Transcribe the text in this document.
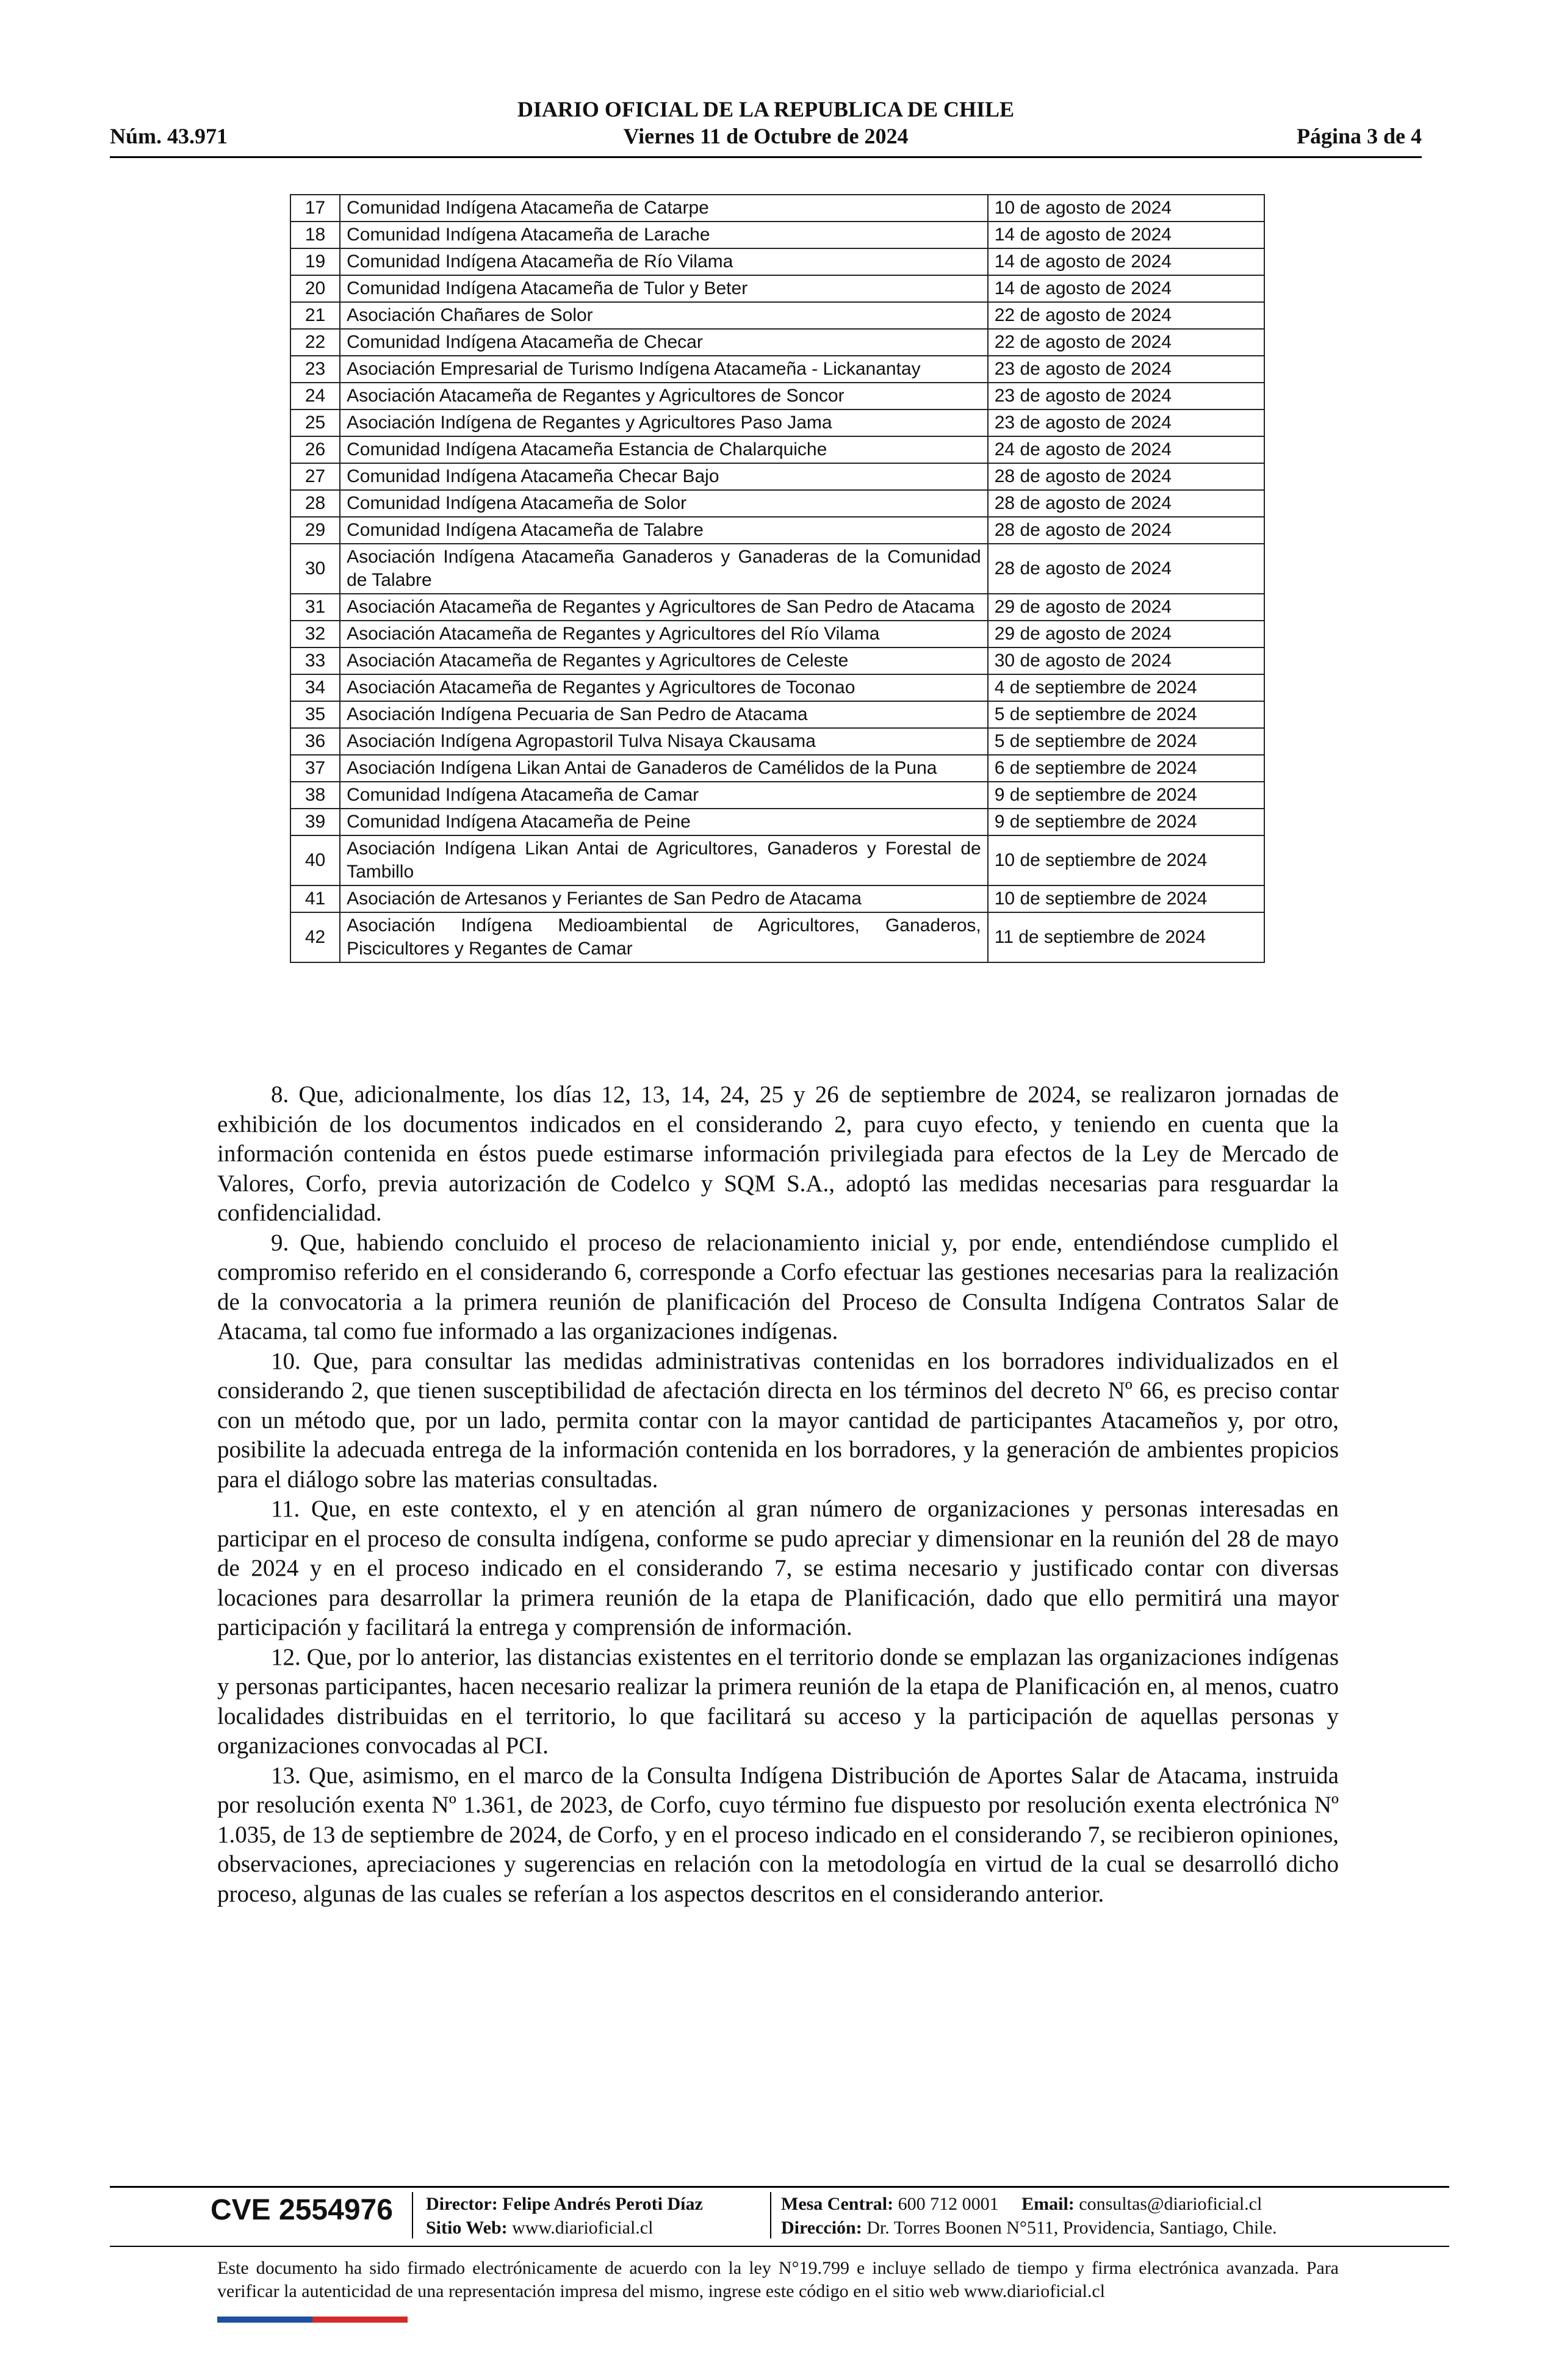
DIARIO OFICIAL DE LA REPUBLICA DE CHILE
Núm. 43.971	Viernes 11 de Octubre de 2024	Página 3 de 4
17	Comunidad Indígena Atacameña de Catarpe	10 de agosto de 2024
18	Comunidad Indígena Atacameña de Larache	14 de agosto de 2024
19	Comunidad Indígena Atacameña de Río Vilama	14 de agosto de 2024
20	Comunidad Indígena Atacameña de Tulor y Beter	14 de agosto de 2024
21	Asociación Chañares de Solor	22 de agosto de 2024
22	Comunidad Indígena Atacameña de Checar	22 de agosto de 2024
23	Asociación Empresarial de Turismo Indígena Atacameña - Lickanantay	23 de agosto de 2024
24	Asociación Atacameña de Regantes y Agricultores de Soncor	23 de agosto de 2024
25	Asociación Indígena de Regantes y Agricultores Paso Jama	23 de agosto de 2024
26	Comunidad Indígena Atacameña Estancia de Chalarquiche	24 de agosto de 2024
27	Comunidad Indígena Atacameña Checar Bajo	28 de agosto de 2024
28	Comunidad Indígena Atacameña de Solor	28 de agosto de 2024
29	Comunidad Indígena Atacameña de Talabre	28 de agosto de 2024
30	Asociación Indígena Atacameña Ganaderos y Ganaderas de la Comunidad de Talabre	28 de agosto de 2024
31	Asociación Atacameña de Regantes y Agricultores de San Pedro de Atacama	29 de agosto de 2024
32	Asociación Atacameña de Regantes y Agricultores del Río Vilama	29 de agosto de 2024
33	Asociación Atacameña de Regantes y Agricultores de Celeste	30 de agosto de 2024
34	Asociación Atacameña de Regantes y Agricultores de Toconao	4 de septiembre de 2024
35	Asociación Indígena Pecuaria de San Pedro de Atacama	5 de septiembre de 2024
36	Asociación Indígena Agropastoril Tulva Nisaya Ckausama	5 de septiembre de 2024
37	Asociación Indígena Likan Antai de Ganaderos de Camélidos de la Puna	6 de septiembre de 2024
38	Comunidad Indígena Atacameña de Camar	9 de septiembre de 2024
39	Comunidad Indígena Atacameña de Peine	9 de septiembre de 2024
40	Asociación Indígena Likan Antai de Agricultores, Ganaderos y Forestal de Tambillo	10 de septiembre de 2024
41	Asociación de Artesanos y Feriantes de San Pedro de Atacama	10 de septiembre de 2024
42	Asociación Indígena Medioambiental de Agricultores, Ganaderos, Piscicultores y Regantes de Camar	11 de septiembre de 2024

8. Que, adicionalmente, los días 12, 13, 14, 24, 25 y 26 de septiembre de 2024, se realizaron jornadas de exhibición de los documentos indicados en el considerando 2, para cuyo efecto, y teniendo en cuenta que la información contenida en éstos puede estimarse información privilegiada para efectos de la Ley de Mercado de Valores, Corfo, previa autorización de Codelco y SQM S.A., adoptó las medidas necesarias para resguardar la confidencialidad.

9. Que, habiendo concluido el proceso de relacionamiento inicial y, por ende, entendiéndose cumplido el compromiso referido en el considerando 6, corresponde a Corfo efectuar las gestiones necesarias para la realización de la convocatoria a la primera reunión de planificación del Proceso de Consulta Indígena Contratos Salar de Atacama, tal como fue informado a las organizaciones indígenas.

10. Que, para consultar las medidas administrativas contenidas en los borradores individualizados en el considerando 2, que tienen susceptibilidad de afectación directa en los términos del decreto Nº 66, es preciso contar con un método que, por un lado, permita contar con la mayor cantidad de participantes Atacameños y, por otro, posibilite la adecuada entrega de la información contenida en los borradores, y la generación de ambientes propicios para el diálogo sobre las materias consultadas.

11. Que, en este contexto, el y en atención al gran número de organizaciones y personas interesadas en participar en el proceso de consulta indígena, conforme se pudo apreciar y dimensionar en la reunión del 28 de mayo de 2024 y en el proceso indicado en el considerando 7, se estima necesario y justificado contar con diversas locaciones para desarrollar la primera reunión de la etapa de Planificación, dado que ello permitirá una mayor participación y facilitará la entrega y comprensión de información.

12. Que, por lo anterior, las distancias existentes en el territorio donde se emplazan las organizaciones indígenas y personas participantes, hacen necesario realizar la primera reunión de la etapa de Planificación en, al menos, cuatro localidades distribuidas en el territorio, lo que facilitará su acceso y la participación de aquellas personas y organizaciones convocadas al PCI.

13. Que, asimismo, en el marco de la Consulta Indígena Distribución de Aportes Salar de Atacama, instruida por resolución exenta Nº 1.361, de 2023, de Corfo, cuyo término fue dispuesto por resolución exenta electrónica Nº 1.035, de 13 de septiembre de 2024, de Corfo, y en el proceso indicado en el considerando 7, se recibieron opiniones, observaciones, apreciaciones y sugerencias en relación con la metodología en virtud de la cual se desarrolló dicho proceso, algunas de las cuales se referían a los aspectos descritos en el considerando anterior.

CVE 2554976 Director: Felipe Andrés Peroti Díaz
Sitio Web: www.diarioficial.cl
Mesa Central: 600 712 0001 Email: consultas@diarioficial.cl
Dirección: Dr. Torres Boonen N°511, Providencia, Santiago, Chile.
Este documento ha sido firmado electrónicamente de acuerdo con la ley N°19.799 e incluye sellado de tiempo y firma electrónica avanzada. Para verificar la autenticidad de una representación impresa del mismo, ingrese este código en el sitio web www.diarioficial.cl
